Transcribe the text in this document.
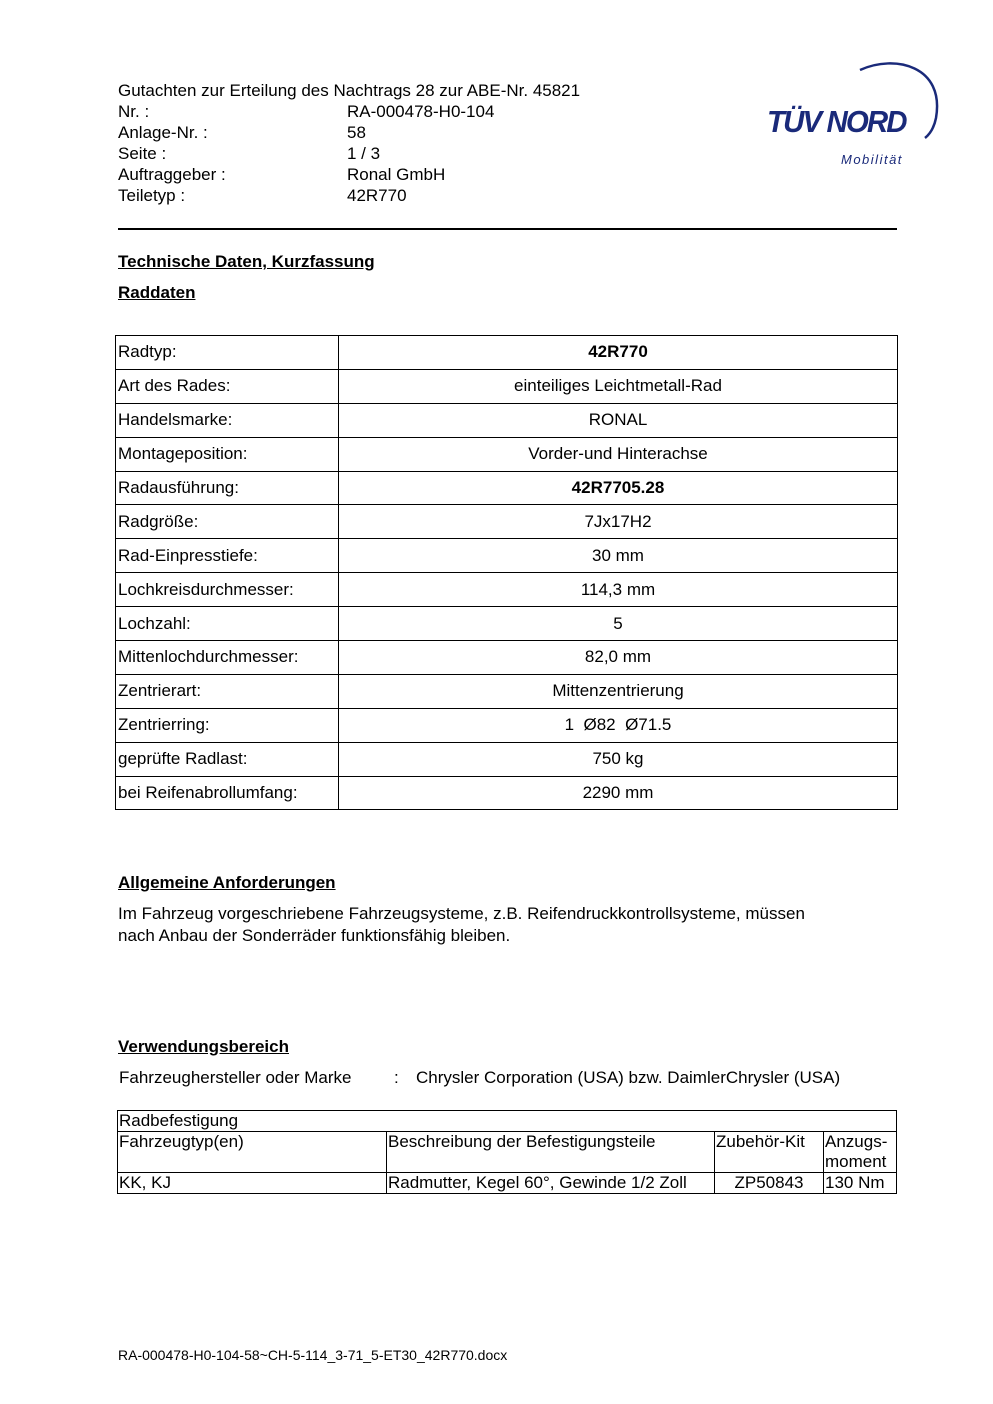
Gutachten zur Erteilung des Nachtrags 28 zur ABE-Nr. 45821
Nr. :	RA-000478-H0-104
Anlage-Nr. :	58
Seite :	1 / 3
Auftraggeber :	Ronal GmbH
Teiletyp :	42R770
TÜV NORD
Mobilität
Technische Daten, Kurzfassung
Raddaten
Radtyp:	42R770
Art des Rades:	einteiliges Leichtmetall-Rad
Handelsmarke:	RONAL
Montageposition:	Vorder-und Hinterachse
Radausführung:	42R7705.28
Radgröße:	7Jx17H2
Rad-Einpresstiefe:	30 mm
Lochkreisdurchmesser:	114,3 mm
Lochzahl:	5
Mittenlochdurchmesser:	82,0 mm
Zentrierart:	Mittenzentrierung
Zentrierring:	1  Ø82  Ø71.5
geprüfte Radlast:	750 kg
bei Reifenabrollumfang:	2290 mm
Allgemeine Anforderungen
Im Fahrzeug vorgeschriebene Fahrzeugsysteme, z.B. Reifendruckkontrollsysteme, müssen
nach Anbau der Sonderräder funktionsfähig bleiben.
Verwendungsbereich
Fahrzeughersteller oder Marke	:	Chrysler Corporation (USA) bzw. DaimlerChrysler (USA)
Radbefestigung			
Fahrzeugtyp(en)	Beschreibung der Befestigungsteile	Zubehör-Kit	Anzugs-
moment

KK, KJ	Radmutter, Kegel 60°, Gewinde 1/2 Zoll	ZP50843	130 Nm
RA-000478-H0-104-58~CH-5-114_3-71_5-ET30_42R770.docx
